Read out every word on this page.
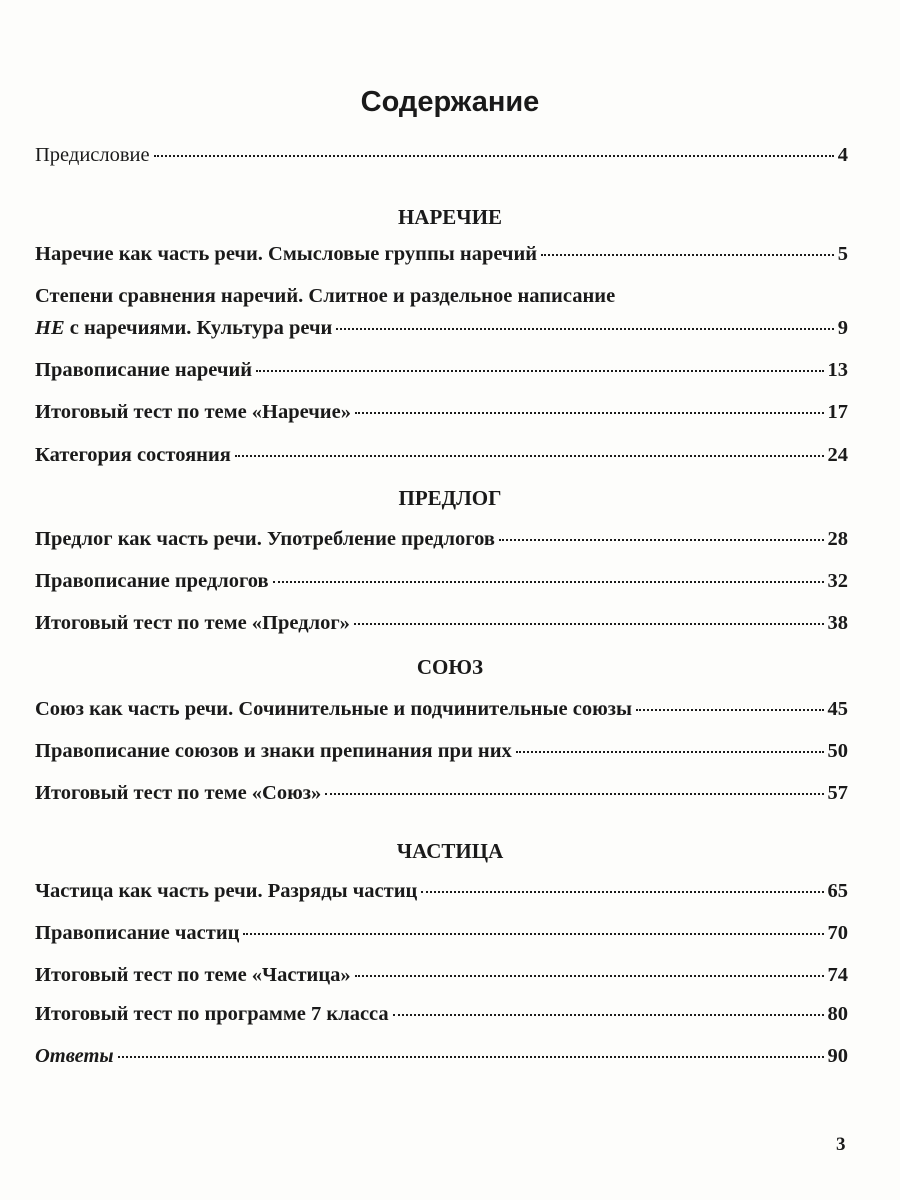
Содержание
Предисловие	4
НАРЕЧИЕ
Наречие как часть речи. Смысловые группы наречий	5
Степени сравнения наречий. Слитное и раздельное написание
НЕ с наречиями. Культура речи	9
Правописание наречий	13
Итоговый тест по теме «Наречие»	17
Категория состояния	24
ПРЕДЛОГ
Предлог как часть речи. Употребление предлогов	28
Правописание предлогов	32
Итоговый тест по теме «Предлог»	38
СОЮЗ
Союз как часть речи. Сочинительные и подчинительные союзы	45
Правописание союзов и знаки препинания при них	50
Итоговый тест по теме «Союз»	57
ЧАСТИЦА
Частица как часть речи. Разряды частиц	65
Правописание частиц	70
Итоговый тест по теме «Частица»	74
Итоговый тест по программе 7 класса	80
Ответы	90
3
